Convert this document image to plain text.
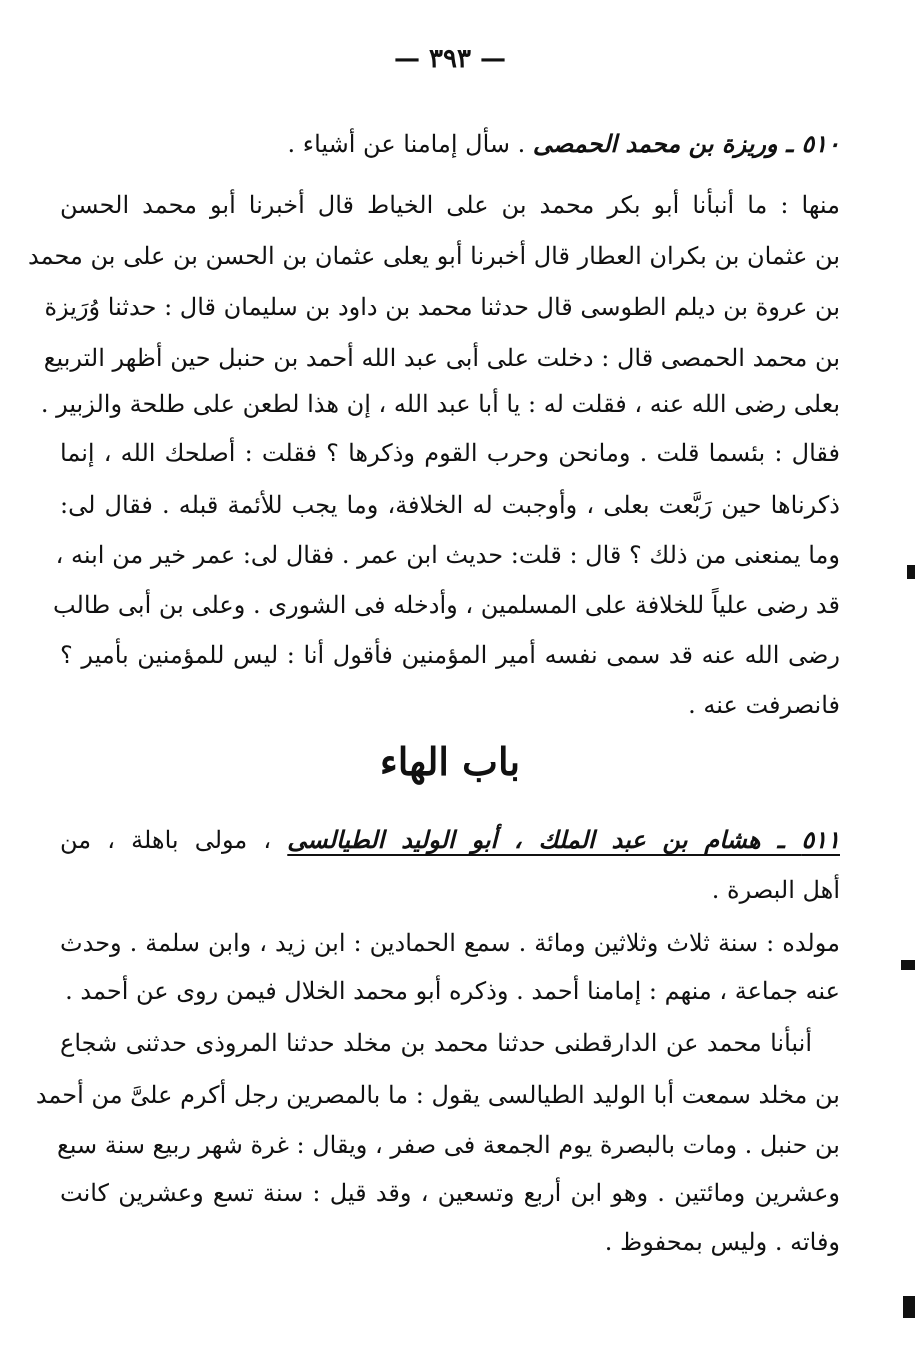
— ٣٩٣ —
٥١٠ ـ وريزة بن محمد الحمصى . سأل إمامنا عن أشياء .
منها : ما أنبأنا أبو بكر محمد بن على الخياط قال أخبرنا أبو محمد الحسن
بن عثمان بن بكران العطار قال أخبرنا أبو يعلى عثمان بن الحسن بن على بن محمد
بن عروة بن ديلم الطوسى قال حدثنا محمد بن داود بن سليمان قال : حدثنا وُرَيزة
بن محمد الحمصى قال : دخلت على أبى عبد الله أحمد بن حنبل حين أظهر التربيع
بعلى رضى الله عنه ، فقلت له : يا أبا عبد الله ، إن هذا لطعن على طلحة والزبير .
فقال : بئسما قلت . ومانحن وحرب القوم وذكرها ؟ فقلت : أصلحك الله ، إنما
ذكرناها حين رَبَّعت بعلى ، وأوجبت له الخلافة، وما يجب للأئمة قبله . فقال لى:
وما يمنعنى من ذلك ؟ قال : قلت: حديث ابن عمر . فقال لى: عمر خير من ابنه ،
قد رضى علياً للخلافة على المسلمين ، وأدخله فى الشورى . وعلى بن أبى طالب
رضى الله عنه قد سمى نفسه أمير المؤمنين فأقول أنا : ليس للمؤمنين بأمير ؟
فانصرفت عنه .
باب الهاء
٥١١ ـ هشام بن عبد الملك ، أبو الوليد الطيالسى ، مولى باهلة ، من
أهل البصرة .
مولده : سنة ثلاث وثلاثين ومائة . سمع الحمادين : ابن زيد ، وابن سلمة . وحدث
عنه جماعة ، منهم : إمامنا أحمد . وذكره أبو محمد الخلال فيمن روى عن أحمد .
أنبأنا محمد عن الدارقطنى حدثنا محمد بن مخلد حدثنا المروذى حدثنى شجاع
بن مخلد سمعت أبا الوليد الطيالسى يقول : ما بالمصرين رجل أكرم علىَّ من أحمد
بن حنبل . ومات بالبصرة يوم الجمعة فى صفر ، ويقال : غرة شهر ربيع سنة سبع
وعشرين ومائتين . وهو ابن أربع وتسعين ، وقد قيل : سنة تسع وعشرين كانت
وفاته . وليس بمحفوظ .
